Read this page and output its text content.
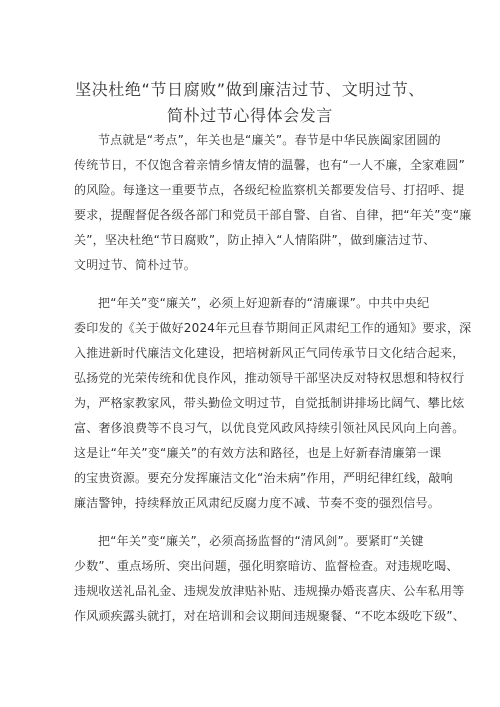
坚决杜绝“节日腐败”做到廉洁过节、文明过节、
简朴过节心得体会发言

节点就是“考点”，年关也是“廉关”。春节是中华民族阖家团圆的
传统节日，不仅饱含着亲情乡情友情的温馨，也有“一人不廉，全家难圆”
的风险。每逢这一重要节点，各级纪检监察机关都要发信号、打招呼、提
要求，提醒督促各级各部门和党员干部自警、自省、自律，把“年关”变“廉
关”，坚决杜绝“节日腐败”，防止掉入“人情陷阱”，做到廉洁过节、
文明过节、简朴过节。

把“年关”变“廉关”，必须上好迎新春的“清廉课”。中共中央纪
委印发的《关于做好2024年元旦春节期间正风肃纪工作的通知》要求，深
入推进新时代廉洁文化建设，把培树新风正气同传承节日文化结合起来，
弘扬党的光荣传统和优良作风，推动领导干部坚决反对特权思想和特权行
为，严格家教家风，带头勤俭文明过节，自觉抵制讲排场比阔气、攀比炫
富、奢侈浪费等不良习气，以优良党风政风持续引领社风民风向上向善。
这是让“年关”变“廉关”的有效方法和路径，也是上好新春清廉第一课
的宝贵资源。要充分发挥廉洁文化“治未病”作用，严明纪律红线，敲响
廉洁警钟，持续释放正风肃纪反腐力度不减、节奏不变的强烈信号。

把“年关”变“廉关”，必须高扬监督的“清风剑”。要紧盯“关键
少数”、重点场所、突出问题，强化明察暗访、监督检查。对违规吃喝、
违规收送礼品礼金、违规发放津贴补贴、违规操办婚丧喜庆、公车私用等
作风顽疾露头就打，对在培训和会议期间违规聚餐、“不吃本级吃下级”、
